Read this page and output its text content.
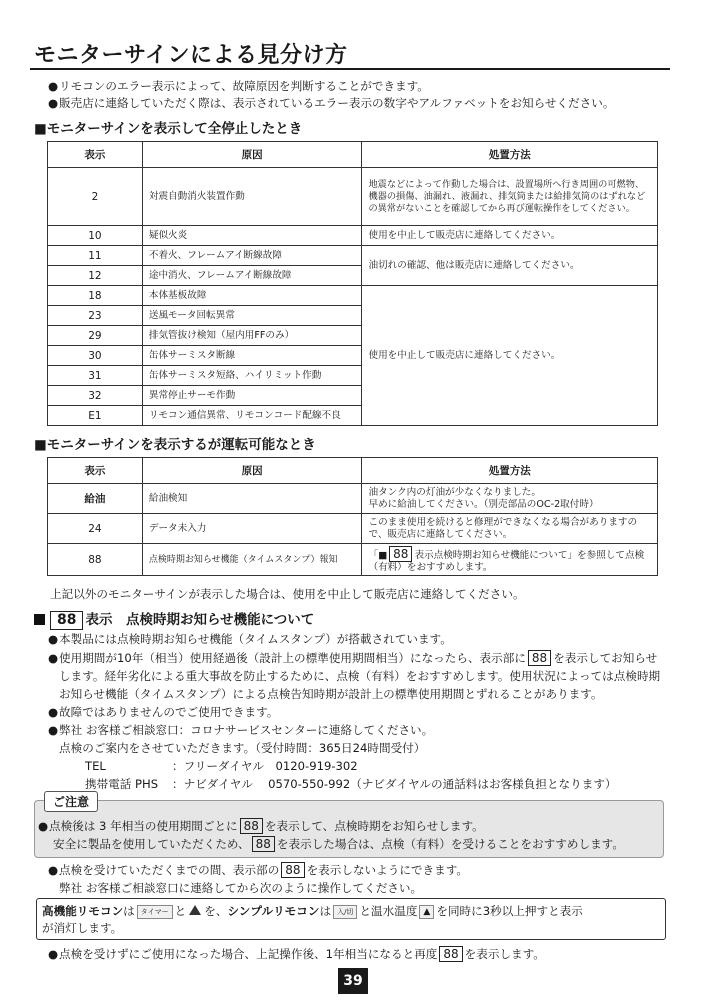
モニターサインによる見分け方
●リモコンのエラー表示によって、故障原因を判断することができます。
●販売店に連絡していただく際は、表示されているエラー表示の数字やアルファベットをお知らせください。
■モニターサインを表示して全停止したとき
表示	原因	処置方法
2	対震自動消火装置作動	地震などによって作動した場合は、設置場所へ行き周囲の可燃物、機器の損傷、油漏れ、液漏れ、排気筒または給排気筒のはずれなどの異常がないことを確認してから再び運転操作をしてください。
10	疑似火炎	使用を中止して販売店に連絡してください。
11	不着火、フレームアイ断線故障	油切れの確認、他は販売店に連絡してください。
12	途中消火、フレームアイ断線故障	
18	本体基板故障	使用を中止して販売店に連絡してください。
23	送風モータ回転異常	
29	排気管抜け検知（屋内用FFのみ）	
30	缶体サーミスタ断線	
31	缶体サーミスタ短絡、ハイリミット作動	
32	異常停止サーモ作動	
E1	リモコン通信異常、リモコンコード配線不良	
■モニターサインを表示するが運転可能なとき
表示	原因	処置方法
給油	給油検知	油タンク内の灯油が少なくなりました。
早めに給油してください。（別売部品のOC-2取付時）
24	データ未入力	このまま使用を続けると修理ができなくなる場合がありますので、販売店に連絡してください。
88	点検時期お知らせ機能（タイムスタンプ）報知	「■ 88 表示点検時期お知らせ機能について」を参照して点検（有料）をおすすめします。
上記以外のモニターサインが表示した場合は、使用を中止して販売店に連絡してください。
88 表示　点検時期お知らせ機能について
●本製品には点検時期お知らせ機能（タイムスタンプ）が搭載されています。
●使用期間が10年（相当）使用経過後（設計上の標準使用期間相当）になったら、表示部に 88 を表示してお知らせ
します。経年劣化による重大事故を防止するために、点検（有料）をおすすめします。使用状況によっては点検時期
お知らせ機能（タイムスタンプ）による点検告知時期が設計上の標準使用期間とずれることがあります。
●故障ではありませんのでご使用できます。
●弊社 お客様ご相談窓口：コロナサービスセンターに連絡してください。
点検のご案内をさせていただきます。（受付時間：365日24時間受付）
TEL	：フリーダイヤル　0120-919-302
携帯電話 PHS ：ナビダイヤル　 0570-550-992（ナビダイヤルの通話料はお客様負担となります）
ご注意
●点検後は 3 年相当の使用期間ごとに 88 を表示して、点検時期をお知らせします。
安全に製品を使用していただくため、 88 を表示した場合は、点検（有料）を受けることをおすすめします。
●点検を受けていただくまでの間、表示部の 88 を表示しないようにできます。
弊社 お客様ご相談窓口に連絡してから次のように操作してください。
高機能リモコンは タイマー と を、シンプルリモコンは 入/切 と温水温度 ▲ を同時に3秒以上押すと表示
が消灯します。
●点検を受けずにご使用になった場合、上記操作後、1年相当になると再度 88 を表示します。
39
